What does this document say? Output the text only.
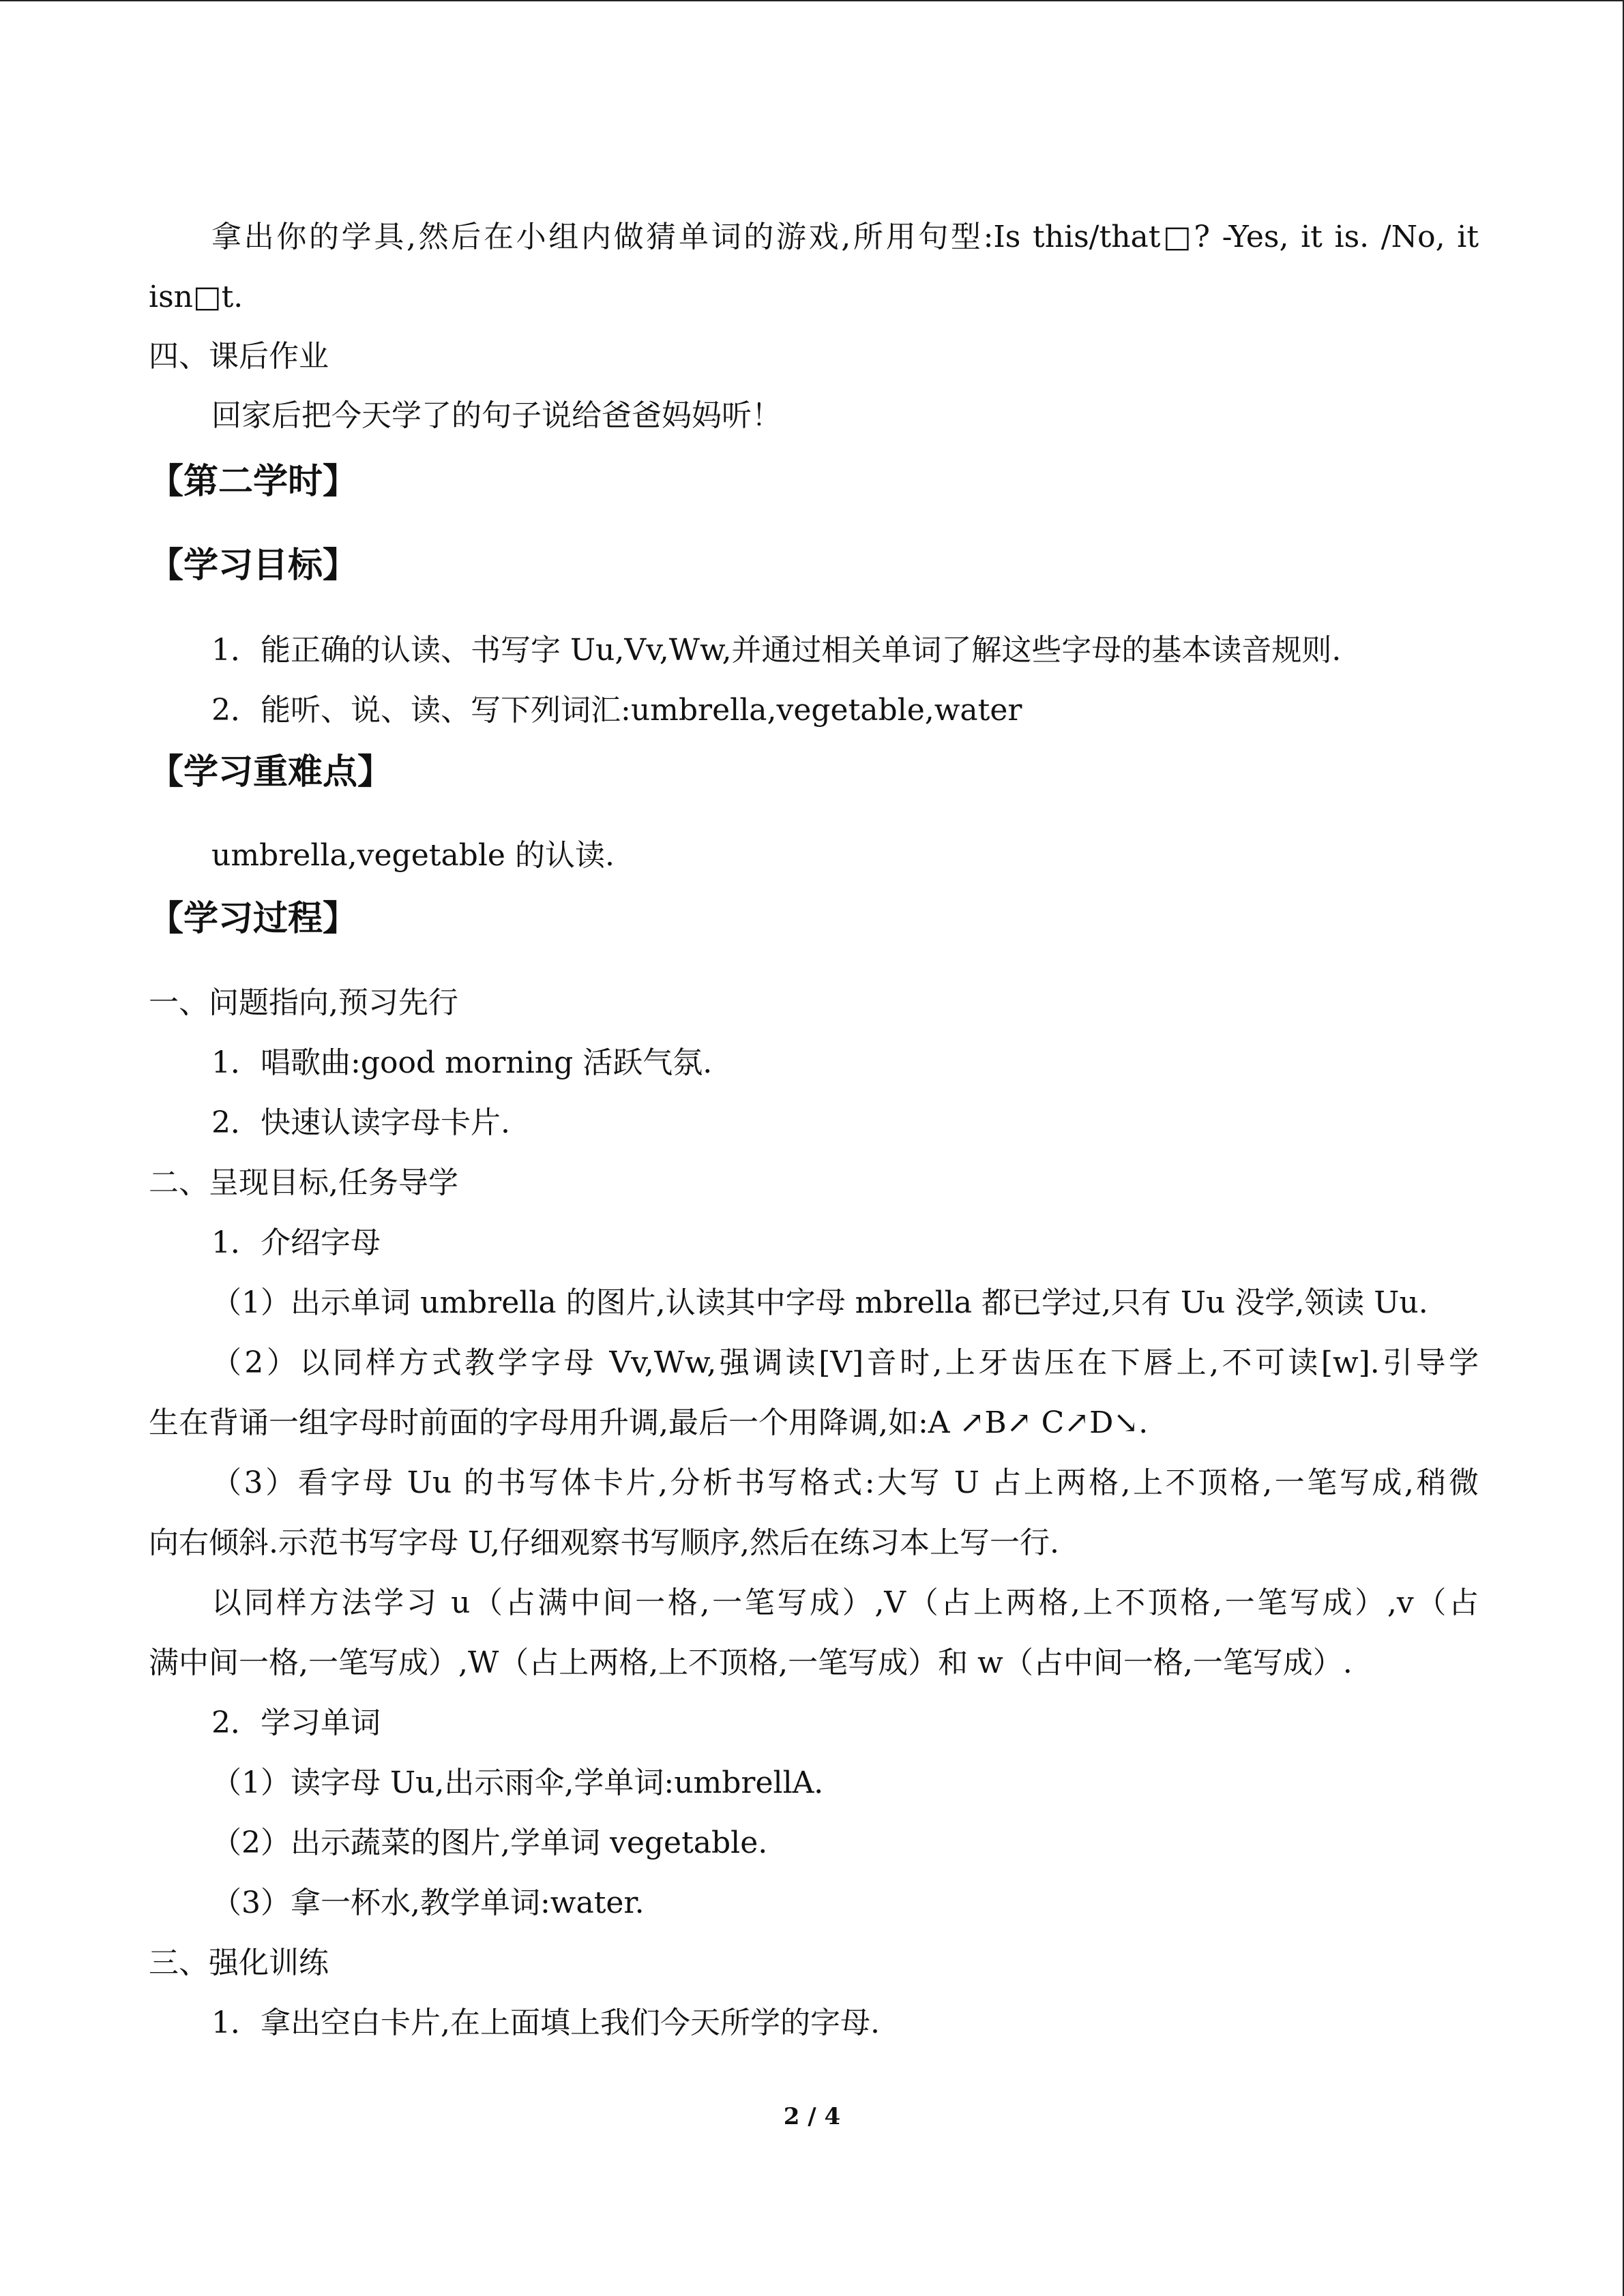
拿出你的学具,然后在小组内做猜单词的游戏,所用句型:Is this/that□? -Yes, it is. /No, it
isn□t.
四、课后作业
回家后把今天学了的句子说给爸爸妈妈听！
【第二学时】
【学习目标】
1．能正确的认读、书写字 Uu,Vv,Ww,并通过相关单词了解这些字母的基本读音规则.
2．能听、说、读、写下列词汇:umbrella,vegetable,water
【学习重难点】
umbrella,vegetable 的认读.
【学习过程】
一、问题指向,预习先行
1．唱歌曲:good morning 活跃气氛.
2．快速认读字母卡片.
二、呈现目标,任务导学
1．介绍字母
（1）出示单词 umbrella 的图片,认读其中字母 mbrella 都已学过,只有 Uu 没学,领读 Uu.
（2）以同样方式教学字母 Vv,Ww,强调读[V]音时,上牙齿压在下唇上,不可读[w].引导学
生在背诵一组字母时前面的字母用升调,最后一个用降调,如:A ↗B↗ C↗D↘.
（3）看字母 Uu 的书写体卡片,分析书写格式:大写 U 占上两格,上不顶格,一笔写成,稍微
向右倾斜.示范书写字母 U,仔细观察书写顺序,然后在练习本上写一行.
以同样方法学习 u（占满中间一格,一笔写成）,V（占上两格,上不顶格,一笔写成）,v（占
满中间一格,一笔写成）,W（占上两格,上不顶格,一笔写成）和 w（占中间一格,一笔写成）.
2．学习单词
（1）读字母 Uu,出示雨伞,学单词:umbrellA．
（2）出示蔬菜的图片,学单词 vegetable.
（3）拿一杯水,教学单词:water.
三、强化训练
1．拿出空白卡片,在上面填上我们今天所学的字母.
2 / 4
